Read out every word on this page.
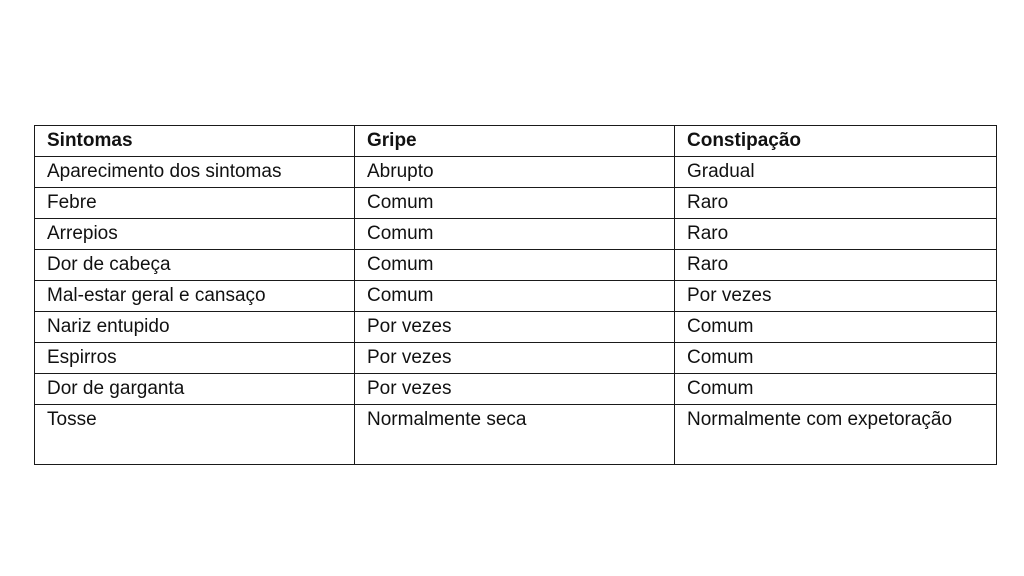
Sintomas	Gripe	Constipação
Aparecimento dos sintomas	Abrupto	Gradual
Febre	Comum	Raro
Arrepios	Comum	Raro
Dor de cabeça	Comum	Raro
Mal-estar geral e cansaço	Comum	Por vezes
Nariz entupido	Por vezes	Comum
Espirros	Por vezes	Comum
Dor de garganta	Por vezes	Comum
Tosse	Normalmente seca	Normalmente com expetoração
